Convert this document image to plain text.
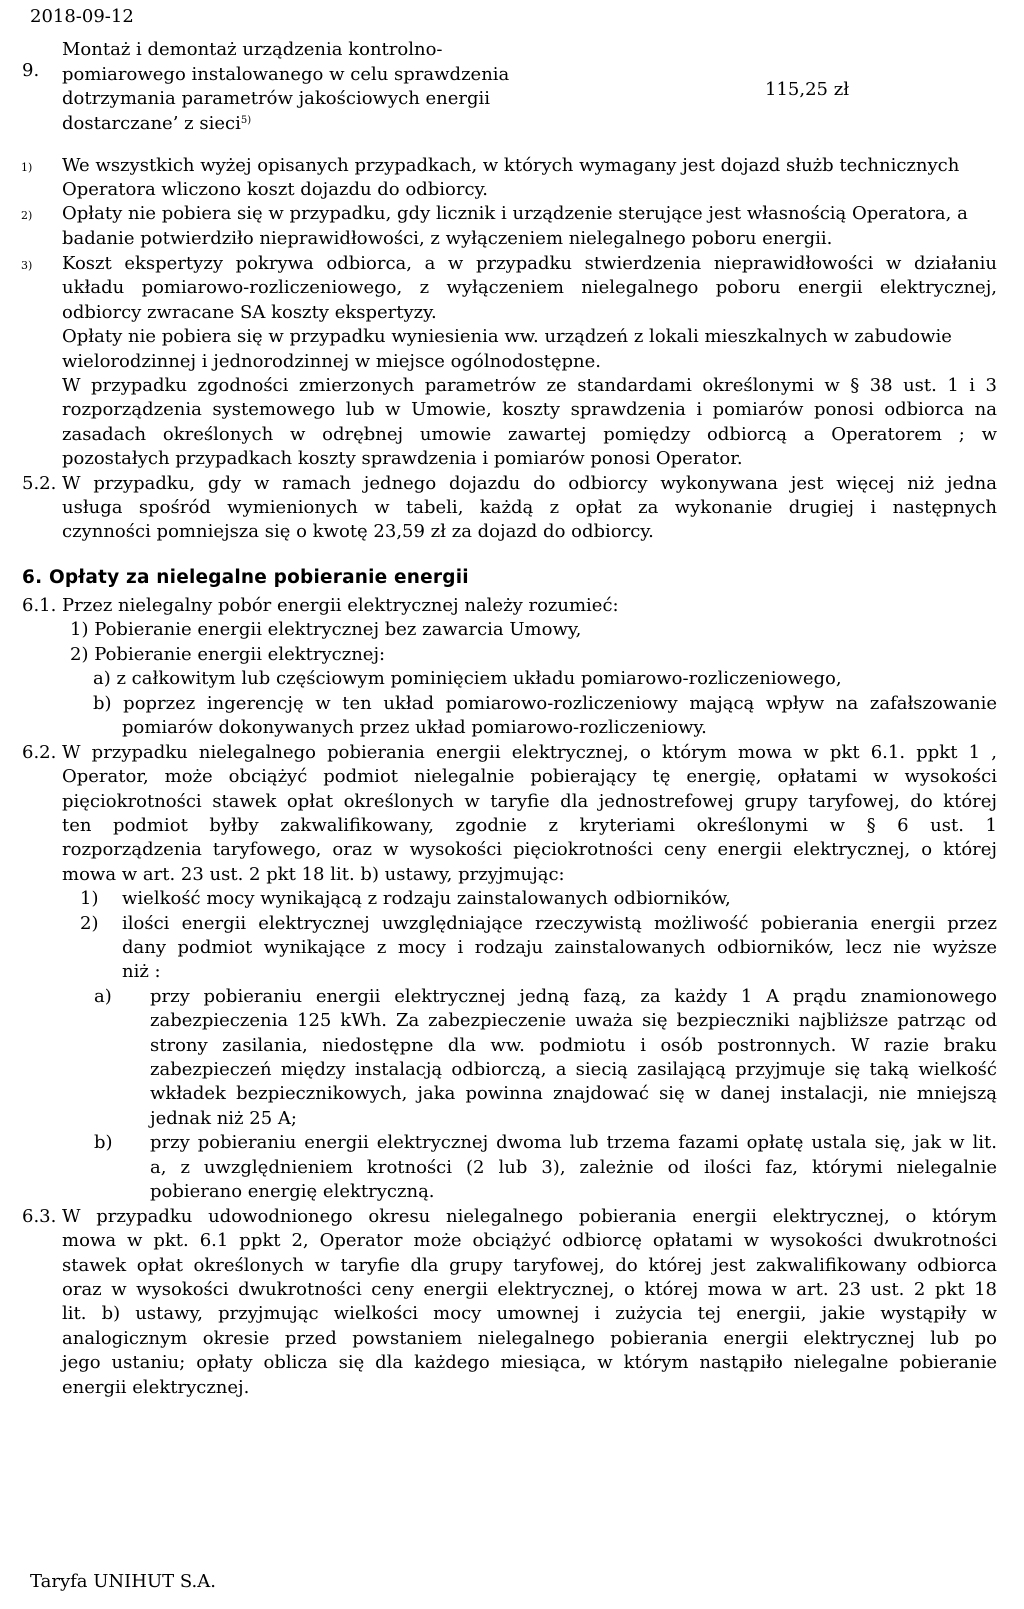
2018-09-12
9.
Montaż i demontaż urządzenia kontrolno-
pomiarowego instalowanego w celu sprawdzenia
dotrzymania parametrów jakościowych energii
dostarczane’ z sieci$^{5)}$
115,25 zł
1) We wszystkich wyżej opisanych przypadkach, w których wymagany jest dojazd służb technicznych
Operatora wliczono koszt dojazdu do odbiorcy.
2) Opłaty nie pobiera się w przypadku, gdy licznik i urządzenie sterujące jest własnością Operatora, a
badanie potwierdziło nieprawidłowości, z wyłączeniem nielegalnego poboru energii.
3) Koszt ekspertyzy pokrywa odbiorca, a w przypadku stwierdzenia nieprawidłowości w działaniu
układu pomiarowo-rozliczeniowego, z wyłączeniem nielegalnego poboru energii elektrycznej,
odbiorcy zwracane SA koszty ekspertyzy.
Opłaty nie pobiera się w przypadku wyniesienia ww. urządzeń z lokali mieszkalnych w zabudowie
wielorodzinnej i jednorodzinnej w miejsce ogólnodostępne.
W przypadku zgodności zmierzonych parametrów ze standardami określonymi w § 38 ust. 1 i 3
rozporządzenia systemowego lub w Umowie, koszty sprawdzenia i pomiarów ponosi odbiorca na
zasadach określonych w odrębnej umowie zawartej pomiędzy odbiorcą a Operatorem ; w
pozostałych przypadkach koszty sprawdzenia i pomiarów ponosi Operator.
5.2. W przypadku, gdy w ramach jednego dojazdu do odbiorcy wykonywana jest więcej niż jedna
usługa spośród wymienionych w tabeli, każdą z opłat za wykonanie drugiej i następnych
czynności pomniejsza się o kwotę 23,59 zł za dojazd do odbiorcy.
6. Opłaty za nielegalne pobieranie energii
6.1. Przez nielegalny pobór energii elektrycznej należy rozumieć:
1) Pobieranie energii elektrycznej bez zawarcia Umowy,
2) Pobieranie energii elektrycznej:
a) z całkowitym lub częściowym pominięciem układu pomiarowo-rozliczeniowego,
b) poprzez ingerencję w ten układ pomiarowo-rozliczeniowy mającą wpływ na zafałszowanie
pomiarów dokonywanych przez układ pomiarowo-rozliczeniowy.
6.2. W przypadku nielegalnego pobierania energii elektrycznej, o którym mowa w pkt 6.1. ppkt 1 ,
Operator, może obciążyć podmiot nielegalnie pobierający tę energię, opłatami w wysokości
pięciokrotności stawek opłat określonych w taryfie dla jednostrefowej grupy taryfowej, do której
ten podmiot byłby zakwalifikowany, zgodnie z kryteriami określonymi w § 6 ust. 1
rozporządzenia taryfowego, oraz w wysokości pięciokrotności ceny energii elektrycznej, o której
mowa w art. 23 ust. 2 pkt 18 lit. b) ustawy, przyjmując:
1) wielkość mocy wynikającą z rodzaju zainstalowanych odbiorników,
2) ilości energii elektrycznej uwzględniające rzeczywistą możliwość pobierania energii przez
dany podmiot wynikające z mocy i rodzaju zainstalowanych odbiorników, lecz nie wyższe
niż :
a) przy pobieraniu energii elektrycznej jedną fazą, za każdy 1 A prądu znamionowego
zabezpieczenia 125 kWh. Za zabezpieczenie uważa się bezpieczniki najbliższe patrząc od
strony zasilania, niedostępne dla ww. podmiotu i osób postronnych. W razie braku
zabezpieczeń między instalacją odbiorczą, a siecią zasilającą przyjmuje się taką wielkość
wkładek bezpiecznikowych, jaka powinna znajdować się w danej instalacji, nie mniejszą
jednak niż 25 A;
b) przy pobieraniu energii elektrycznej dwoma lub trzema fazami opłatę ustala się, jak w lit.
a, z uwzględnieniem krotności (2 lub 3), zależnie od ilości faz, którymi nielegalnie
pobierano energię elektryczną.
6.3. W przypadku udowodnionego okresu nielegalnego pobierania energii elektrycznej, o którym
mowa w pkt. 6.1 ppkt 2, Operator może obciążyć odbiorcę opłatami w wysokości dwukrotności
stawek opłat określonych w taryfie dla grupy taryfowej, do której jest zakwalifikowany odbiorca
oraz w wysokości dwukrotności ceny energii elektrycznej, o której mowa w art. 23 ust. 2 pkt 18
lit. b) ustawy, przyjmując wielkości mocy umownej i zużycia tej energii, jakie wystąpiły w
analogicznym okresie przed powstaniem nielegalnego pobierania energii elektrycznej lub po
jego ustaniu; opłaty oblicza się dla każdego miesiąca, w którym nastąpiło nielegalne pobieranie
energii elektrycznej.
Taryfa UNIHUT S.A.
